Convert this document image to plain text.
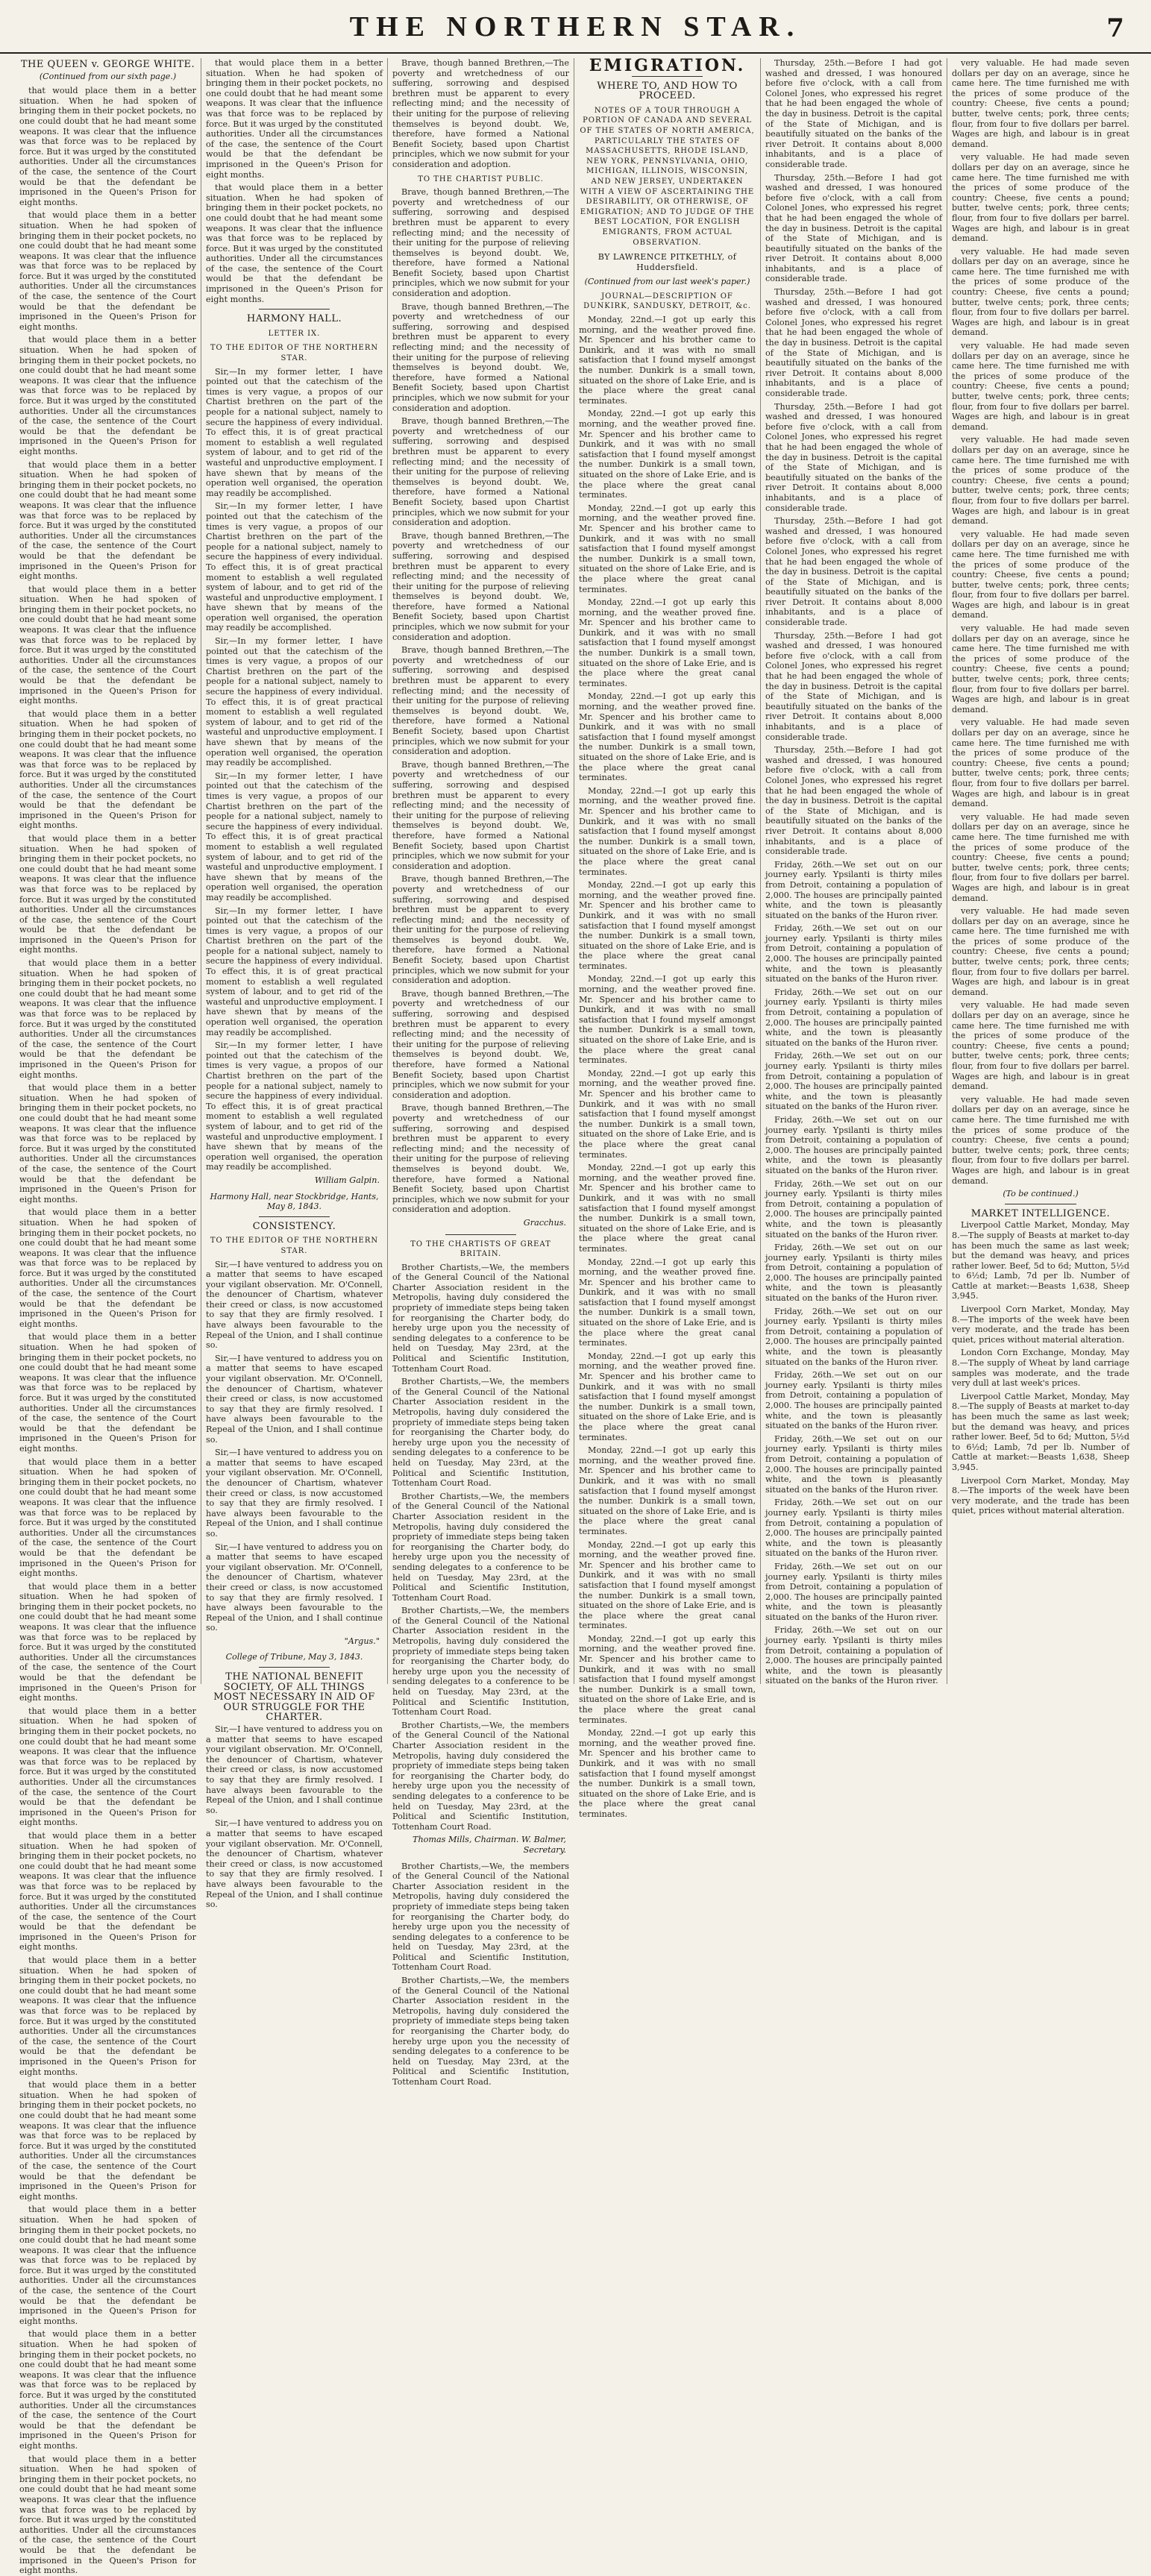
THE NORTHERN STAR.	7
THE QUEEN v. GEORGE WHITE.
(Continued from our sixth page.)

that would place them in a better situation. When he had spoken of bringing them in their pocket pockets, no one could doubt that he had meant some weapons. It was clear that the influence was that force was to be replaced by force. But it was urged by the constituted authorities. Under all the circumstances of the case, the sentence of the Court would be that the defendant be imprisoned in the Queen's Prison for eight months.

that would place them in a better situation. When he had spoken of bringing them in their pocket pockets, no one could doubt that he had meant some weapons. It was clear that the influence was that force was to be replaced by force. But it was urged by the constituted authorities. Under all the circumstances of the case, the sentence of the Court would be that the defendant be imprisoned in the Queen's Prison for eight months.

that would place them in a better situation. When he had spoken of bringing them in their pocket pockets, no one could doubt that he had meant some weapons. It was clear that the influence was that force was to be replaced by force. But it was urged by the constituted authorities. Under all the circumstances of the case, the sentence of the Court would be that the defendant be imprisoned in the Queen's Prison for eight months.

that would place them in a better situation. When he had spoken of bringing them in their pocket pockets, no one could doubt that he had meant some weapons. It was clear that the influence was that force was to be replaced by force. But it was urged by the constituted authorities. Under all the circumstances of the case, the sentence of the Court would be that the defendant be imprisoned in the Queen's Prison for eight months.

that would place them in a better situation. When he had spoken of bringing them in their pocket pockets, no one could doubt that he had meant some weapons. It was clear that the influence was that force was to be replaced by force. But it was urged by the constituted authorities. Under all the circumstances of the case, the sentence of the Court would be that the defendant be imprisoned in the Queen's Prison for eight months.

that would place them in a better situation. When he had spoken of bringing them in their pocket pockets, no one could doubt that he had meant some weapons. It was clear that the influence was that force was to be replaced by force. But it was urged by the constituted authorities. Under all the circumstances of the case, the sentence of the Court would be that the defendant be imprisoned in the Queen's Prison for eight months.

that would place them in a better situation. When he had spoken of bringing them in their pocket pockets, no one could doubt that he had meant some weapons. It was clear that the influence was that force was to be replaced by force. But it was urged by the constituted authorities. Under all the circumstances of the case, the sentence of the Court would be that the defendant be imprisoned in the Queen's Prison for eight months.

that would place them in a better situation. When he had spoken of bringing them in their pocket pockets, no one could doubt that he had meant some weapons. It was clear that the influence was that force was to be replaced by force. But it was urged by the constituted authorities. Under all the circumstances of the case, the sentence of the Court would be that the defendant be imprisoned in the Queen's Prison for eight months.

that would place them in a better situation. When he had spoken of bringing them in their pocket pockets, no one could doubt that he had meant some weapons. It was clear that the influence was that force was to be replaced by force. But it was urged by the constituted authorities. Under all the circumstances of the case, the sentence of the Court would be that the defendant be imprisoned in the Queen's Prison for eight months.

that would place them in a better situation. When he had spoken of bringing them in their pocket pockets, no one could doubt that he had meant some weapons. It was clear that the influence was that force was to be replaced by force. But it was urged by the constituted authorities. Under all the circumstances of the case, the sentence of the Court would be that the defendant be imprisoned in the Queen's Prison for eight months.

that would place them in a better situation. When he had spoken of bringing them in their pocket pockets, no one could doubt that he had meant some weapons. It was clear that the influence was that force was to be replaced by force. But it was urged by the constituted authorities. Under all the circumstances of the case, the sentence of the Court would be that the defendant be imprisoned in the Queen's Prison for eight months.

that would place them in a better situation. When he had spoken of bringing them in their pocket pockets, no one could doubt that he had meant some weapons. It was clear that the influence was that force was to be replaced by force. But it was urged by the constituted authorities. Under all the circumstances of the case, the sentence of the Court would be that the defendant be imprisoned in the Queen's Prison for eight months.

that would place them in a better situation. When he had spoken of bringing them in their pocket pockets, no one could doubt that he had meant some weapons. It was clear that the influence was that force was to be replaced by force. But it was urged by the constituted authorities. Under all the circumstances of the case, the sentence of the Court would be that the defendant be imprisoned in the Queen's Prison for eight months.

that would place them in a better situation. When he had spoken of bringing them in their pocket pockets, no one could doubt that he had meant some weapons. It was clear that the influence was that force was to be replaced by force. But it was urged by the constituted authorities. Under all the circumstances of the case, the sentence of the Court would be that the defendant be imprisoned in the Queen's Prison for eight months.

that would place them in a better situation. When he had spoken of bringing them in their pocket pockets, no one could doubt that he had meant some weapons. It was clear that the influence was that force was to be replaced by force. But it was urged by the constituted authorities. Under all the circumstances of the case, the sentence of the Court would be that the defendant be imprisoned in the Queen's Prison for eight months.

that would place them in a better situation. When he had spoken of bringing them in their pocket pockets, no one could doubt that he had meant some weapons. It was clear that the influence was that force was to be replaced by force. But it was urged by the constituted authorities. Under all the circumstances of the case, the sentence of the Court would be that the defendant be imprisoned in the Queen's Prison for eight months.

that would place them in a better situation. When he had spoken of bringing them in their pocket pockets, no one could doubt that he had meant some weapons. It was clear that the influence was that force was to be replaced by force. But it was urged by the constituted authorities. Under all the circumstances of the case, the sentence of the Court would be that the defendant be imprisoned in the Queen's Prison for eight months.

that would place them in a better situation. When he had spoken of bringing them in their pocket pockets, no one could doubt that he had meant some weapons. It was clear that the influence was that force was to be replaced by force. But it was urged by the constituted authorities. Under all the circumstances of the case, the sentence of the Court would be that the defendant be imprisoned in the Queen's Prison for eight months.

that would place them in a better situation. When he had spoken of bringing them in their pocket pockets, no one could doubt that he had meant some weapons. It was clear that the influence was that force was to be replaced by force. But it was urged by the constituted authorities. Under all the circumstances of the case, the sentence of the Court would be that the defendant be imprisoned in the Queen's Prison for eight months.

that would place them in a better situation. When he had spoken of bringing them in their pocket pockets, no one could doubt that he had meant some weapons. It was clear that the influence was that force was to be replaced by force. But it was urged by the constituted authorities. Under all the circumstances of the case, the sentence of the Court would be that the defendant be imprisoned in the Queen's Prison for eight months.

that would place them in a better situation. When he had spoken of bringing them in their pocket pockets, no one could doubt that he had meant some weapons. It was clear that the influence was that force was to be replaced by force. But it was urged by the constituted authorities. Under all the circumstances of the case, the sentence of the Court would be that the defendant be imprisoned in the Queen's Prison for eight months.

that would place them in a better situation. When he had spoken of bringing them in their pocket pockets, no one could doubt that he had meant some weapons. It was clear that the influence was that force was to be replaced by force. But it was urged by the constituted authorities. Under all the circumstances of the case, the sentence of the Court would be that the defendant be imprisoned in the Queen's Prison for eight months.

HARMONY HALL.
LETTER IX.
TO THE EDITOR OF THE NORTHERN STAR.

Sir,—In my former letter, I have pointed out that the catechism of the times is very vague, a propos of our Chartist brethren on the part of the people for a national subject, namely to secure the happiness of every individual. To effect this, it is of great practical moment to establish a well regulated system of labour, and to get rid of the wasteful and unproductive employment. I have shewn that by means of the operation well organised, the operation may readily be accomplished.

Sir,—In my former letter, I have pointed out that the catechism of the times is very vague, a propos of our Chartist brethren on the part of the people for a national subject, namely to secure the happiness of every individual. To effect this, it is of great practical moment to establish a well regulated system of labour, and to get rid of the wasteful and unproductive employment. I have shewn that by means of the operation well organised, the operation may readily be accomplished.

Sir,—In my former letter, I have pointed out that the catechism of the times is very vague, a propos of our Chartist brethren on the part of the people for a national subject, namely to secure the happiness of every individual. To effect this, it is of great practical moment to establish a well regulated system of labour, and to get rid of the wasteful and unproductive employment. I have shewn that by means of the operation well organised, the operation may readily be accomplished.

Sir,—In my former letter, I have pointed out that the catechism of the times is very vague, a propos of our Chartist brethren on the part of the people for a national subject, namely to secure the happiness of every individual. To effect this, it is of great practical moment to establish a well regulated system of labour, and to get rid of the wasteful and unproductive employment. I have shewn that by means of the operation well organised, the operation may readily be accomplished.

Sir,—In my former letter, I have pointed out that the catechism of the times is very vague, a propos of our Chartist brethren on the part of the people for a national subject, namely to secure the happiness of every individual. To effect this, it is of great practical moment to establish a well regulated system of labour, and to get rid of the wasteful and unproductive employment. I have shewn that by means of the operation well organised, the operation may readily be accomplished.

Sir,—In my former letter, I have pointed out that the catechism of the times is very vague, a propos of our Chartist brethren on the part of the people for a national subject, namely to secure the happiness of every individual. To effect this, it is of great practical moment to establish a well regulated system of labour, and to get rid of the wasteful and unproductive employment. I have shewn that by means of the operation well organised, the operation may readily be accomplished.

William Galpin.
Harmony Hall, near Stockbridge, Hants, May 8, 1843.
CONSISTENCY.
TO THE EDITOR OF THE NORTHERN STAR.

Sir,—I have ventured to address you on a matter that seems to have escaped your vigilant observation. Mr. O'Connell, the denouncer of Chartism, whatever their creed or class, is now accustomed to say that they are firmly resolved. I have always been favourable to the Repeal of the Union, and I shall continue so.

Sir,—I have ventured to address you on a matter that seems to have escaped your vigilant observation. Mr. O'Connell, the denouncer of Chartism, whatever their creed or class, is now accustomed to say that they are firmly resolved. I have always been favourable to the Repeal of the Union, and I shall continue so.

Sir,—I have ventured to address you on a matter that seems to have escaped your vigilant observation. Mr. O'Connell, the denouncer of Chartism, whatever their creed or class, is now accustomed to say that they are firmly resolved. I have always been favourable to the Repeal of the Union, and I shall continue so.

Sir,—I have ventured to address you on a matter that seems to have escaped your vigilant observation. Mr. O'Connell, the denouncer of Chartism, whatever their creed or class, is now accustomed to say that they are firmly resolved. I have always been favourable to the Repeal of the Union, and I shall continue so.

"Argus."
College of Tribune, May 3, 1843.
THE NATIONAL BENEFIT SOCIETY, OF ALL THINGS MOST NECESSARY IN AID OF OUR STRUGGLE FOR THE CHARTER.

Sir,—I have ventured to address you on a matter that seems to have escaped your vigilant observation. Mr. O'Connell, the denouncer of Chartism, whatever their creed or class, is now accustomed to say that they are firmly resolved. I have always been favourable to the Repeal of the Union, and I shall continue so.

Sir,—I have ventured to address you on a matter that seems to have escaped your vigilant observation. Mr. O'Connell, the denouncer of Chartism, whatever their creed or class, is now accustomed to say that they are firmly resolved. I have always been favourable to the Repeal of the Union, and I shall continue so.

Brave, though banned Brethren,—The poverty and wretchedness of our suffering, sorrowing and despised brethren must be apparent to every reflecting mind; and the necessity of their uniting for the purpose of relieving themselves is beyond doubt. We, therefore, have formed a National Benefit Society, based upon Chartist principles, which we now submit for your consideration and adoption.

TO THE CHARTIST PUBLIC.

Brave, though banned Brethren,—The poverty and wretchedness of our suffering, sorrowing and despised brethren must be apparent to every reflecting mind; and the necessity of their uniting for the purpose of relieving themselves is beyond doubt. We, therefore, have formed a National Benefit Society, based upon Chartist principles, which we now submit for your consideration and adoption.

Brave, though banned Brethren,—The poverty and wretchedness of our suffering, sorrowing and despised brethren must be apparent to every reflecting mind; and the necessity of their uniting for the purpose of relieving themselves is beyond doubt. We, therefore, have formed a National Benefit Society, based upon Chartist principles, which we now submit for your consideration and adoption.

Brave, though banned Brethren,—The poverty and wretchedness of our suffering, sorrowing and despised brethren must be apparent to every reflecting mind; and the necessity of their uniting for the purpose of relieving themselves is beyond doubt. We, therefore, have formed a National Benefit Society, based upon Chartist principles, which we now submit for your consideration and adoption.

Brave, though banned Brethren,—The poverty and wretchedness of our suffering, sorrowing and despised brethren must be apparent to every reflecting mind; and the necessity of their uniting for the purpose of relieving themselves is beyond doubt. We, therefore, have formed a National Benefit Society, based upon Chartist principles, which we now submit for your consideration and adoption.

Brave, though banned Brethren,—The poverty and wretchedness of our suffering, sorrowing and despised brethren must be apparent to every reflecting mind; and the necessity of their uniting for the purpose of relieving themselves is beyond doubt. We, therefore, have formed a National Benefit Society, based upon Chartist principles, which we now submit for your consideration and adoption.

Brave, though banned Brethren,—The poverty and wretchedness of our suffering, sorrowing and despised brethren must be apparent to every reflecting mind; and the necessity of their uniting for the purpose of relieving themselves is beyond doubt. We, therefore, have formed a National Benefit Society, based upon Chartist principles, which we now submit for your consideration and adoption.

Brave, though banned Brethren,—The poverty and wretchedness of our suffering, sorrowing and despised brethren must be apparent to every reflecting mind; and the necessity of their uniting for the purpose of relieving themselves is beyond doubt. We, therefore, have formed a National Benefit Society, based upon Chartist principles, which we now submit for your consideration and adoption.

Brave, though banned Brethren,—The poverty and wretchedness of our suffering, sorrowing and despised brethren must be apparent to every reflecting mind; and the necessity of their uniting for the purpose of relieving themselves is beyond doubt. We, therefore, have formed a National Benefit Society, based upon Chartist principles, which we now submit for your consideration and adoption.

Brave, though banned Brethren,—The poverty and wretchedness of our suffering, sorrowing and despised brethren must be apparent to every reflecting mind; and the necessity of their uniting for the purpose of relieving themselves is beyond doubt. We, therefore, have formed a National Benefit Society, based upon Chartist principles, which we now submit for your consideration and adoption.

Gracchus.
TO THE CHARTISTS OF GREAT BRITAIN.

Brother Chartists,—We, the members of the General Council of the National Charter Association resident in the Metropolis, having duly considered the propriety of immediate steps being taken for reorganising the Charter body, do hereby urge upon you the necessity of sending delegates to a conference to be held on Tuesday, May 23rd, at the Political and Scientific Institution, Tottenham Court Road.

Brother Chartists,—We, the members of the General Council of the National Charter Association resident in the Metropolis, having duly considered the propriety of immediate steps being taken for reorganising the Charter body, do hereby urge upon you the necessity of sending delegates to a conference to be held on Tuesday, May 23rd, at the Political and Scientific Institution, Tottenham Court Road.

Brother Chartists,—We, the members of the General Council of the National Charter Association resident in the Metropolis, having duly considered the propriety of immediate steps being taken for reorganising the Charter body, do hereby urge upon you the necessity of sending delegates to a conference to be held on Tuesday, May 23rd, at the Political and Scientific Institution, Tottenham Court Road.

Brother Chartists,—We, the members of the General Council of the National Charter Association resident in the Metropolis, having duly considered the propriety of immediate steps being taken for reorganising the Charter body, do hereby urge upon you the necessity of sending delegates to a conference to be held on Tuesday, May 23rd, at the Political and Scientific Institution, Tottenham Court Road.

Brother Chartists,—We, the members of the General Council of the National Charter Association resident in the Metropolis, having duly considered the propriety of immediate steps being taken for reorganising the Charter body, do hereby urge upon you the necessity of sending delegates to a conference to be held on Tuesday, May 23rd, at the Political and Scientific Institution, Tottenham Court Road.

Thomas Mills, Chairman. W. Balmer, Secretary.

Brother Chartists,—We, the members of the General Council of the National Charter Association resident in the Metropolis, having duly considered the propriety of immediate steps being taken for reorganising the Charter body, do hereby urge upon you the necessity of sending delegates to a conference to be held on Tuesday, May 23rd, at the Political and Scientific Institution, Tottenham Court Road.

Brother Chartists,—We, the members of the General Council of the National Charter Association resident in the Metropolis, having duly considered the propriety of immediate steps being taken for reorganising the Charter body, do hereby urge upon you the necessity of sending delegates to a conference to be held on Tuesday, May 23rd, at the Political and Scientific Institution, Tottenham Court Road.

EMIGRATION.
WHERE TO, AND HOW TO PROCEED.
NOTES OF A TOUR THROUGH A PORTION OF CANADA AND SEVERAL OF THE STATES OF NORTH AMERICA, PARTICULARLY THE STATES OF MASSACHUSETTS, RHODE ISLAND, NEW YORK, PENNSYLVANIA, OHIO, MICHIGAN, ILLINOIS, WISCONSIN, AND NEW JERSEY, UNDERTAKEN WITH A VIEW OF ASCERTAINING THE DESIRABILITY, OR OTHERWISE, OF EMIGRATION; AND TO JUDGE OF THE BEST LOCATION, FOR ENGLISH EMIGRANTS, FROM ACTUAL OBSERVATION.
BY LAWRENCE PITKETHLY, of Huddersfield.
(Continued from our last week's paper.)
JOURNAL—DESCRIPTION OF DUNKIRK, SANDUSKY, DETROIT, &c.

Monday, 22nd.—I got up early this morning, and the weather proved fine. Mr. Spencer and his brother came to Dunkirk, and it was with no small satisfaction that I found myself amongst the number. Dunkirk is a small town, situated on the shore of Lake Erie, and is the place where the great canal terminates.

Monday, 22nd.—I got up early this morning, and the weather proved fine. Mr. Spencer and his brother came to Dunkirk, and it was with no small satisfaction that I found myself amongst the number. Dunkirk is a small town, situated on the shore of Lake Erie, and is the place where the great canal terminates.

Monday, 22nd.—I got up early this morning, and the weather proved fine. Mr. Spencer and his brother came to Dunkirk, and it was with no small satisfaction that I found myself amongst the number. Dunkirk is a small town, situated on the shore of Lake Erie, and is the place where the great canal terminates.

Monday, 22nd.—I got up early this morning, and the weather proved fine. Mr. Spencer and his brother came to Dunkirk, and it was with no small satisfaction that I found myself amongst the number. Dunkirk is a small town, situated on the shore of Lake Erie, and is the place where the great canal terminates.

Monday, 22nd.—I got up early this morning, and the weather proved fine. Mr. Spencer and his brother came to Dunkirk, and it was with no small satisfaction that I found myself amongst the number. Dunkirk is a small town, situated on the shore of Lake Erie, and is the place where the great canal terminates.

Monday, 22nd.—I got up early this morning, and the weather proved fine. Mr. Spencer and his brother came to Dunkirk, and it was with no small satisfaction that I found myself amongst the number. Dunkirk is a small town, situated on the shore of Lake Erie, and is the place where the great canal terminates.

Monday, 22nd.—I got up early this morning, and the weather proved fine. Mr. Spencer and his brother came to Dunkirk, and it was with no small satisfaction that I found myself amongst the number. Dunkirk is a small town, situated on the shore of Lake Erie, and is the place where the great canal terminates.

Monday, 22nd.—I got up early this morning, and the weather proved fine. Mr. Spencer and his brother came to Dunkirk, and it was with no small satisfaction that I found myself amongst the number. Dunkirk is a small town, situated on the shore of Lake Erie, and is the place where the great canal terminates.

Monday, 22nd.—I got up early this morning, and the weather proved fine. Mr. Spencer and his brother came to Dunkirk, and it was with no small satisfaction that I found myself amongst the number. Dunkirk is a small town, situated on the shore of Lake Erie, and is the place where the great canal terminates.

Monday, 22nd.—I got up early this morning, and the weather proved fine. Mr. Spencer and his brother came to Dunkirk, and it was with no small satisfaction that I found myself amongst the number. Dunkirk is a small town, situated on the shore of Lake Erie, and is the place where the great canal terminates.

Monday, 22nd.—I got up early this morning, and the weather proved fine. Mr. Spencer and his brother came to Dunkirk, and it was with no small satisfaction that I found myself amongst the number. Dunkirk is a small town, situated on the shore of Lake Erie, and is the place where the great canal terminates.

Monday, 22nd.—I got up early this morning, and the weather proved fine. Mr. Spencer and his brother came to Dunkirk, and it was with no small satisfaction that I found myself amongst the number. Dunkirk is a small town, situated on the shore of Lake Erie, and is the place where the great canal terminates.

Monday, 22nd.—I got up early this morning, and the weather proved fine. Mr. Spencer and his brother came to Dunkirk, and it was with no small satisfaction that I found myself amongst the number. Dunkirk is a small town, situated on the shore of Lake Erie, and is the place where the great canal terminates.

Monday, 22nd.—I got up early this morning, and the weather proved fine. Mr. Spencer and his brother came to Dunkirk, and it was with no small satisfaction that I found myself amongst the number. Dunkirk is a small town, situated on the shore of Lake Erie, and is the place where the great canal terminates.

Monday, 22nd.—I got up early this morning, and the weather proved fine. Mr. Spencer and his brother came to Dunkirk, and it was with no small satisfaction that I found myself amongst the number. Dunkirk is a small town, situated on the shore of Lake Erie, and is the place where the great canal terminates.

Monday, 22nd.—I got up early this morning, and the weather proved fine. Mr. Spencer and his brother came to Dunkirk, and it was with no small satisfaction that I found myself amongst the number. Dunkirk is a small town, situated on the shore of Lake Erie, and is the place where the great canal terminates.

Thursday, 25th.—Before I had got washed and dressed, I was honoured before five o'clock, with a call from Colonel Jones, who expressed his regret that he had been engaged the whole of the day in business. Detroit is the capital of the State of Michigan, and is beautifully situated on the banks of the river Detroit. It contains about 8,000 inhabitants, and is a place of considerable trade.

Thursday, 25th.—Before I had got washed and dressed, I was honoured before five o'clock, with a call from Colonel Jones, who expressed his regret that he had been engaged the whole of the day in business. Detroit is the capital of the State of Michigan, and is beautifully situated on the banks of the river Detroit. It contains about 8,000 inhabitants, and is a place of considerable trade.

Thursday, 25th.—Before I had got washed and dressed, I was honoured before five o'clock, with a call from Colonel Jones, who expressed his regret that he had been engaged the whole of the day in business. Detroit is the capital of the State of Michigan, and is beautifully situated on the banks of the river Detroit. It contains about 8,000 inhabitants, and is a place of considerable trade.

Thursday, 25th.—Before I had got washed and dressed, I was honoured before five o'clock, with a call from Colonel Jones, who expressed his regret that he had been engaged the whole of the day in business. Detroit is the capital of the State of Michigan, and is beautifully situated on the banks of the river Detroit. It contains about 8,000 inhabitants, and is a place of considerable trade.

Thursday, 25th.—Before I had got washed and dressed, I was honoured before five o'clock, with a call from Colonel Jones, who expressed his regret that he had been engaged the whole of the day in business. Detroit is the capital of the State of Michigan, and is beautifully situated on the banks of the river Detroit. It contains about 8,000 inhabitants, and is a place of considerable trade.

Thursday, 25th.—Before I had got washed and dressed, I was honoured before five o'clock, with a call from Colonel Jones, who expressed his regret that he had been engaged the whole of the day in business. Detroit is the capital of the State of Michigan, and is beautifully situated on the banks of the river Detroit. It contains about 8,000 inhabitants, and is a place of considerable trade.

Thursday, 25th.—Before I had got washed and dressed, I was honoured before five o'clock, with a call from Colonel Jones, who expressed his regret that he had been engaged the whole of the day in business. Detroit is the capital of the State of Michigan, and is beautifully situated on the banks of the river Detroit. It contains about 8,000 inhabitants, and is a place of considerable trade.

Friday, 26th.—We set out on our journey early. Ypsilanti is thirty miles from Detroit, containing a population of 2,000. The houses are principally painted white, and the town is pleasantly situated on the banks of the Huron river.

Friday, 26th.—We set out on our journey early. Ypsilanti is thirty miles from Detroit, containing a population of 2,000. The houses are principally painted white, and the town is pleasantly situated on the banks of the Huron river.

Friday, 26th.—We set out on our journey early. Ypsilanti is thirty miles from Detroit, containing a population of 2,000. The houses are principally painted white, and the town is pleasantly situated on the banks of the Huron river.

Friday, 26th.—We set out on our journey early. Ypsilanti is thirty miles from Detroit, containing a population of 2,000. The houses are principally painted white, and the town is pleasantly situated on the banks of the Huron river.

Friday, 26th.—We set out on our journey early. Ypsilanti is thirty miles from Detroit, containing a population of 2,000. The houses are principally painted white, and the town is pleasantly situated on the banks of the Huron river.

Friday, 26th.—We set out on our journey early. Ypsilanti is thirty miles from Detroit, containing a population of 2,000. The houses are principally painted white, and the town is pleasantly situated on the banks of the Huron river.

Friday, 26th.—We set out on our journey early. Ypsilanti is thirty miles from Detroit, containing a population of 2,000. The houses are principally painted white, and the town is pleasantly situated on the banks of the Huron river.

Friday, 26th.—We set out on our journey early. Ypsilanti is thirty miles from Detroit, containing a population of 2,000. The houses are principally painted white, and the town is pleasantly situated on the banks of the Huron river.

Friday, 26th.—We set out on our journey early. Ypsilanti is thirty miles from Detroit, containing a population of 2,000. The houses are principally painted white, and the town is pleasantly situated on the banks of the Huron river.

Friday, 26th.—We set out on our journey early. Ypsilanti is thirty miles from Detroit, containing a population of 2,000. The houses are principally painted white, and the town is pleasantly situated on the banks of the Huron river.

Friday, 26th.—We set out on our journey early. Ypsilanti is thirty miles from Detroit, containing a population of 2,000. The houses are principally painted white, and the town is pleasantly situated on the banks of the Huron river.

Friday, 26th.—We set out on our journey early. Ypsilanti is thirty miles from Detroit, containing a population of 2,000. The houses are principally painted white, and the town is pleasantly situated on the banks of the Huron river.

Friday, 26th.—We set out on our journey early. Ypsilanti is thirty miles from Detroit, containing a population of 2,000. The houses are principally painted white, and the town is pleasantly situated on the banks of the Huron river.

very valuable. He had made seven dollars per day on an average, since he came here. The time furnished me with the prices of some produce of the country: Cheese, five cents a pound; butter, twelve cents; pork, three cents; flour, from four to five dollars per barrel. Wages are high, and labour is in great demand.

very valuable. He had made seven dollars per day on an average, since he came here. The time furnished me with the prices of some produce of the country: Cheese, five cents a pound; butter, twelve cents; pork, three cents; flour, from four to five dollars per barrel. Wages are high, and labour is in great demand.

very valuable. He had made seven dollars per day on an average, since he came here. The time furnished me with the prices of some produce of the country: Cheese, five cents a pound; butter, twelve cents; pork, three cents; flour, from four to five dollars per barrel. Wages are high, and labour is in great demand.

very valuable. He had made seven dollars per day on an average, since he came here. The time furnished me with the prices of some produce of the country: Cheese, five cents a pound; butter, twelve cents; pork, three cents; flour, from four to five dollars per barrel. Wages are high, and labour is in great demand.

very valuable. He had made seven dollars per day on an average, since he came here. The time furnished me with the prices of some produce of the country: Cheese, five cents a pound; butter, twelve cents; pork, three cents; flour, from four to five dollars per barrel. Wages are high, and labour is in great demand.

very valuable. He had made seven dollars per day on an average, since he came here. The time furnished me with the prices of some produce of the country: Cheese, five cents a pound; butter, twelve cents; pork, three cents; flour, from four to five dollars per barrel. Wages are high, and labour is in great demand.

very valuable. He had made seven dollars per day on an average, since he came here. The time furnished me with the prices of some produce of the country: Cheese, five cents a pound; butter, twelve cents; pork, three cents; flour, from four to five dollars per barrel. Wages are high, and labour is in great demand.

very valuable. He had made seven dollars per day on an average, since he came here. The time furnished me with the prices of some produce of the country: Cheese, five cents a pound; butter, twelve cents; pork, three cents; flour, from four to five dollars per barrel. Wages are high, and labour is in great demand.

very valuable. He had made seven dollars per day on an average, since he came here. The time furnished me with the prices of some produce of the country: Cheese, five cents a pound; butter, twelve cents; pork, three cents; flour, from four to five dollars per barrel. Wages are high, and labour is in great demand.

very valuable. He had made seven dollars per day on an average, since he came here. The time furnished me with the prices of some produce of the country: Cheese, five cents a pound; butter, twelve cents; pork, three cents; flour, from four to five dollars per barrel. Wages are high, and labour is in great demand.

very valuable. He had made seven dollars per day on an average, since he came here. The time furnished me with the prices of some produce of the country: Cheese, five cents a pound; butter, twelve cents; pork, three cents; flour, from four to five dollars per barrel. Wages are high, and labour is in great demand.

very valuable. He had made seven dollars per day on an average, since he came here. The time furnished me with the prices of some produce of the country: Cheese, five cents a pound; butter, twelve cents; pork, three cents; flour, from four to five dollars per barrel. Wages are high, and labour is in great demand.

(To be continued.)
MARKET INTELLIGENCE.

Liverpool Cattle Market, Monday, May 8.—The supply of Beasts at market to-day has been much the same as last week; but the demand was heavy, and prices rather lower. Beef, 5d to 6d; Mutton, 5½d to 6½d; Lamb, 7d per lb. Number of Cattle at market:—Beasts 1,638, Sheep 3,945.

Liverpool Corn Market, Monday, May 8.—The imports of the week have been very moderate, and the trade has been quiet, prices without material alteration.

London Corn Exchange, Monday, May 8.—The supply of Wheat by land carriage samples was moderate, and the trade very dull at last week's prices.

Liverpool Cattle Market, Monday, May 8.—The supply of Beasts at market to-day has been much the same as last week; but the demand was heavy, and prices rather lower. Beef, 5d to 6d; Mutton, 5½d to 6½d; Lamb, 7d per lb. Number of Cattle at market:—Beasts 1,638, Sheep 3,945.

Liverpool Corn Market, Monday, May 8.—The imports of the week have been very moderate, and the trade has been quiet, prices without material alteration.
